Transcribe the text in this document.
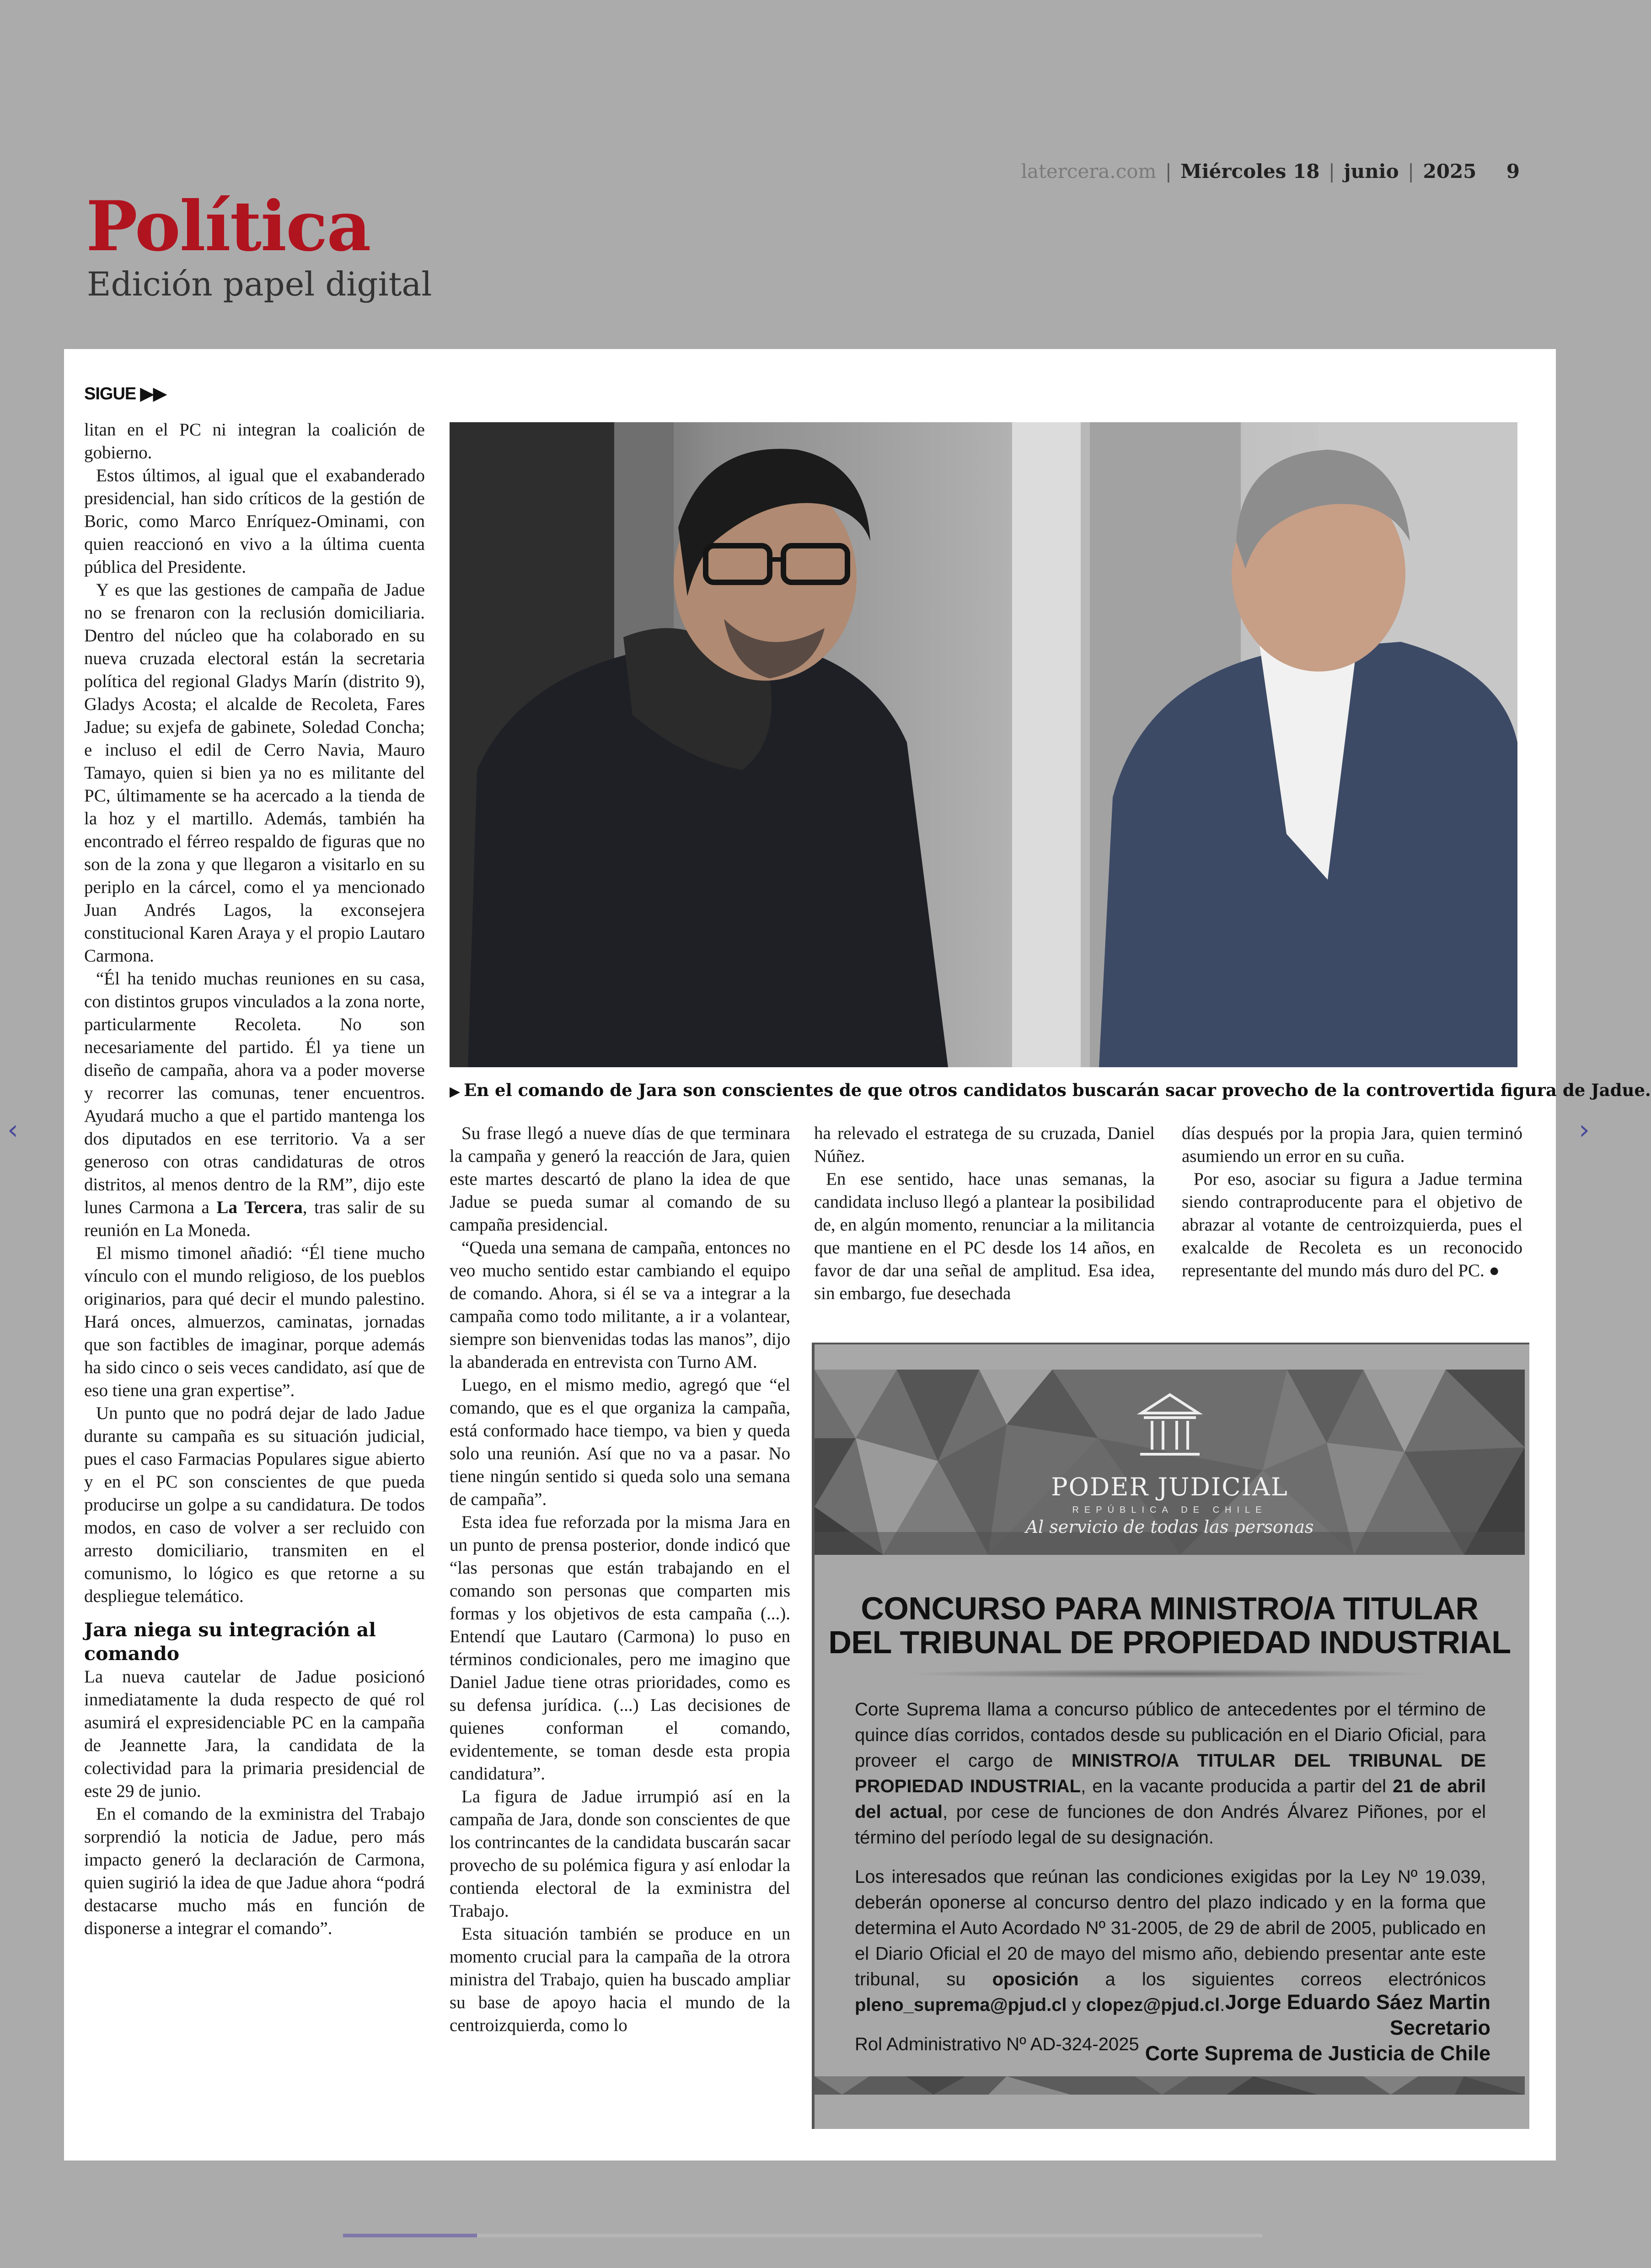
latercera.com | Miércoles 18 | junio | 2025 9
Política
Edición papel digital
SIGUE ▶▶

litan en el PC ni integran la coalición de gobierno.

Estos últimos, al igual que el exabanderado presidencial, han sido críticos de la gestión de Boric, como Marco Enríquez-Ominami, con quien reaccionó en vivo a la última cuenta pública del Presidente.

Y es que las gestiones de campaña de Jadue no se frenaron con la reclusión domiciliaria. Dentro del núcleo que ha colaborado en su nueva cruzada electoral están la secretaria política del regional Gladys Marín (distrito 9), Gladys Acosta; el alcalde de Recoleta, Fares Jadue; su exjefa de gabinete, Soledad Concha; e incluso el edil de Cerro Navia, Mauro Tamayo, quien si bien ya no es militante del PC, últimamente se ha acercado a la tienda de la hoz y el martillo. Además, también ha encontrado el férreo respaldo de figuras que no son de la zona y que llegaron a visitarlo en su periplo en la cárcel, como el ya mencionado Juan Andrés Lagos, la exconsejera constitucional Karen Araya y el propio Lautaro Carmona.

“Él ha tenido muchas reuniones en su casa, con distintos grupos vinculados a la zona norte, particularmente Recoleta. No son necesariamente del partido. Él ya tiene un diseño de campaña, ahora va a poder moverse y recorrer las comunas, tener encuentros. Ayudará mucho a que el partido mantenga los dos diputados en ese territorio. Va a ser generoso con otras candidaturas de otros distritos, al menos dentro de la RM”, dijo este lunes Carmona a La Tercera, tras salir de su reunión en La Moneda.

El mismo timonel añadió: “Él tiene mucho vínculo con el mundo religioso, de los pueblos originarios, para qué decir el mundo palestino. Hará onces, almuerzos, caminatas, jornadas que son factibles de imaginar, porque además ha sido cinco o seis veces candidato, así que de eso tiene una gran expertise”.

Un punto que no podrá dejar de lado Jadue durante su campaña es su situación judicial, pues el caso Farmacias Populares sigue abierto y en el PC son conscientes de que pueda producirse un golpe a su candidatura. De todos modos, en caso de volver a ser recluido con arresto domiciliario, transmiten en el comunismo, lo lógico es que retorne a su despliegue telemático.

Jara niega su integración al comando

La nueva cautelar de Jadue posicionó inmediatamente la duda respecto de qué rol asumirá el expresidenciable PC en la campaña de Jeannette Jara, la candidata de la colectividad para la primaria presidencial de este 29 de junio.

En el comando de la exministra del Trabajo sorprendió la noticia de Jadue, pero más impacto generó la declaración de Carmona, quien sugirió la idea de que Jadue ahora “podrá destacarse mucho más en función de disponerse a integrar el comando”.

▶ En el comando de Jara son conscientes de que otros candidatos buscarán sacar provecho de la controvertida figura de Jadue.

Su frase llegó a nueve días de que terminara la campaña y generó la reacción de Jara, quien este martes descartó de plano la idea de que Jadue se pueda sumar al comando de su campaña presidencial.

“Queda una semana de campaña, entonces no veo mucho sentido estar cambiando el equipo de comando. Ahora, si él se va a integrar a la campaña como todo militante, a ir a volantear, siempre son bienvenidas todas las manos”, dijo la abanderada en entrevista con Turno AM.

Luego, en el mismo medio, agregó que “el comando, que es el que organiza la campaña, está conformado hace tiempo, va bien y queda solo una reunión. Así que no va a pasar. No tiene ningún sentido si queda solo una semana de campaña”.

Esta idea fue reforzada por la misma Jara en un punto de prensa posterior, donde indicó que “las personas que están trabajando en el comando son personas que comparten mis formas y los objetivos de esta campaña (...). Entendí que Lautaro (Carmona) lo puso en términos condicionales, pero me imagino que Daniel Jadue tiene otras prioridades, como es su defensa jurídica. (...) Las decisiones de quienes conforman el comando, evidentemente, se toman desde esta propia candidatura”.

La figura de Jadue irrumpió así en la campaña de Jara, donde son conscientes de que los contrincantes de la candidata buscarán sacar provecho de su polémica figura y así enlodar la contienda electoral de la exministra del Trabajo.

Esta situación también se produce en un momento crucial para la campaña de la otrora ministra del Trabajo, quien ha buscado ampliar su base de apoyo hacia el mundo de la centroizquierda, como lo

ha relevado el estratega de su cruzada, Daniel Núñez.

En ese sentido, hace unas semanas, la candidata incluso llegó a plantear la posibilidad de, en algún momento, renunciar a la militancia que mantiene en el PC desde los 14 años, en favor de dar una señal de amplitud. Esa idea, sin embargo, fue desechada

días después por la propia Jara, quien terminó asumiendo un error en su cuña.

Por eso, asociar su figura a Jadue termina siendo contraproducente para el objetivo de abrazar al votante de centroizquierda, pues el exalcalde de Recoleta es un reconocido representante del mundo más duro del PC. ●

PODER JUDICIAL
REPÚBLICA DE CHILE
Al servicio de todas las personas
CONCURSO PARA MINISTRO/A TITULAR
DEL TRIBUNAL DE PROPIEDAD INDUSTRIAL

Corte Suprema llama a concurso público de antecedentes por el término de quince días corridos, contados desde su publicación en el Diario Oficial, para proveer el cargo de MINISTRO/A TITULAR DEL TRIBUNAL DE PROPIEDAD INDUSTRIAL, en la vacante producida a partir del 21 de abril del actual, por cese de funciones de don Andrés Álvarez Piñones, por el término del período legal de su designación.

Los interesados que reúnan las condiciones exigidas por la Ley Nº 19.039, deberán oponerse al concurso dentro del plazo indicado y en la forma que determina el Auto Acordado Nº 31-2005, de 29 de abril de 2005, publicado en el Diario Oficial el 20 de mayo del mismo año, debiendo presentar ante este tribunal, su oposición a los siguientes correos electrónicos pleno_suprema@pjud.cl y clopez@pjud.cl.

Rol Administrativo Nº AD-324-2025
Jorge Eduardo Sáez Martin
Secretario
Corte Suprema de Justicia de Chile
‹	›
